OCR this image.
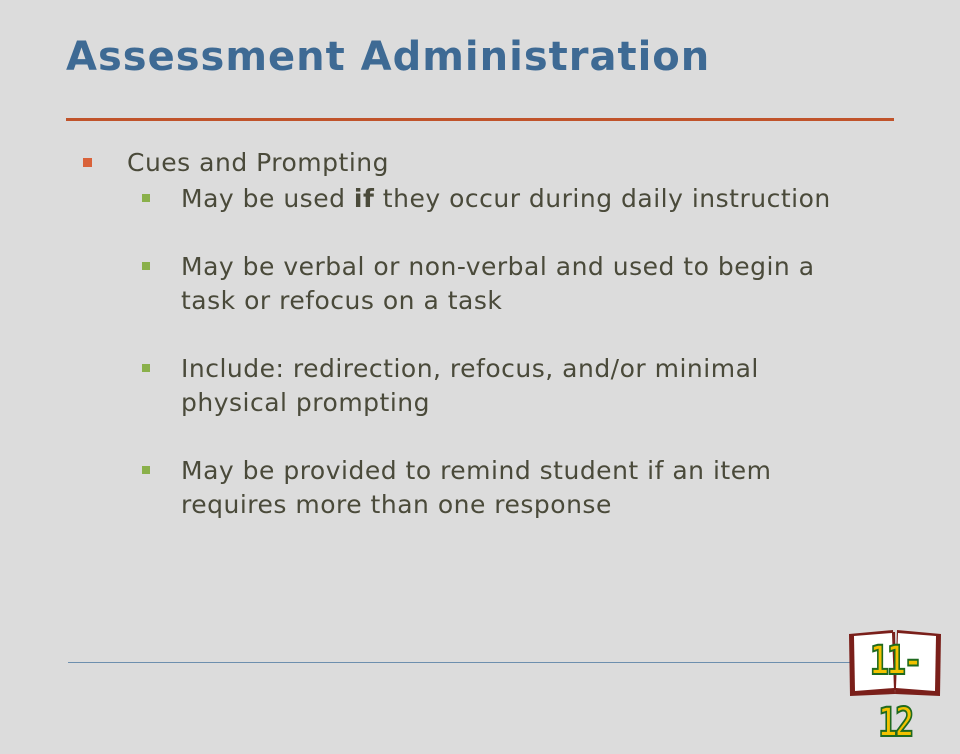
Assessment Administration
Cues and Prompting
May be used if they occur during daily instruction
May be verbal or non-verbal and used to begin a task or refocus on a task
Include: redirection, refocus, and/or minimal physical prompting
May be provided to remind student if an item requires more than one response
11-12
